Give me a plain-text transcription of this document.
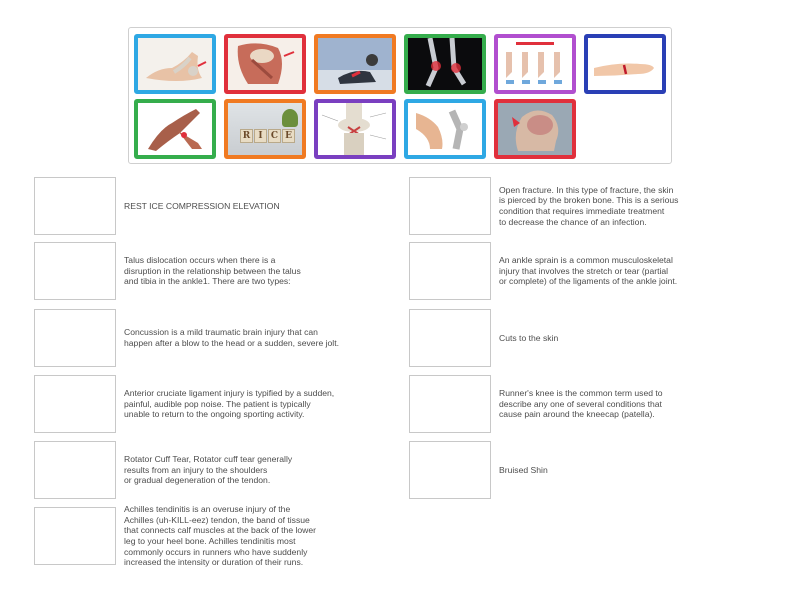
R I C E
REST ICE COMPRESSION ELEVATION
Talus dislocation occurs when there is a
disruption in the relationship between the talus
and tibia in the ankle1. There are two types:
Concussion is a mild traumatic brain injury that can
happen after a blow to the head or a sudden, severe jolt.
Anterior cruciate ligament injury is typified by a sudden,
painful, audible pop noise. The patient is typically
unable to return to the ongoing sporting activity.
Rotator Cuff Tear, Rotator cuff tear generally
results from an injury to the shoulders
or gradual degeneration of the tendon.
Achilles tendinitis is an overuse injury of the
Achilles (uh-KILL-eez) tendon, the band of tissue
that connects calf muscles at the back of the lower
leg to your heel bone. Achilles tendinitis most
commonly occurs in runners who have suddenly
increased the intensity or duration of their runs.
Open fracture. In this type of fracture, the skin
is pierced by the broken bone. This is a serious
condition that requires immediate treatment
to decrease the chance of an infection.
An ankle sprain is a common musculoskeletal
injury that involves the stretch or tear (partial
or complete) of the ligaments of the ankle joint.
Cuts to the skin
Runner's knee is the common term used to
describe any one of several conditions that
cause pain around the kneecap (patella).
Bruised Shin
